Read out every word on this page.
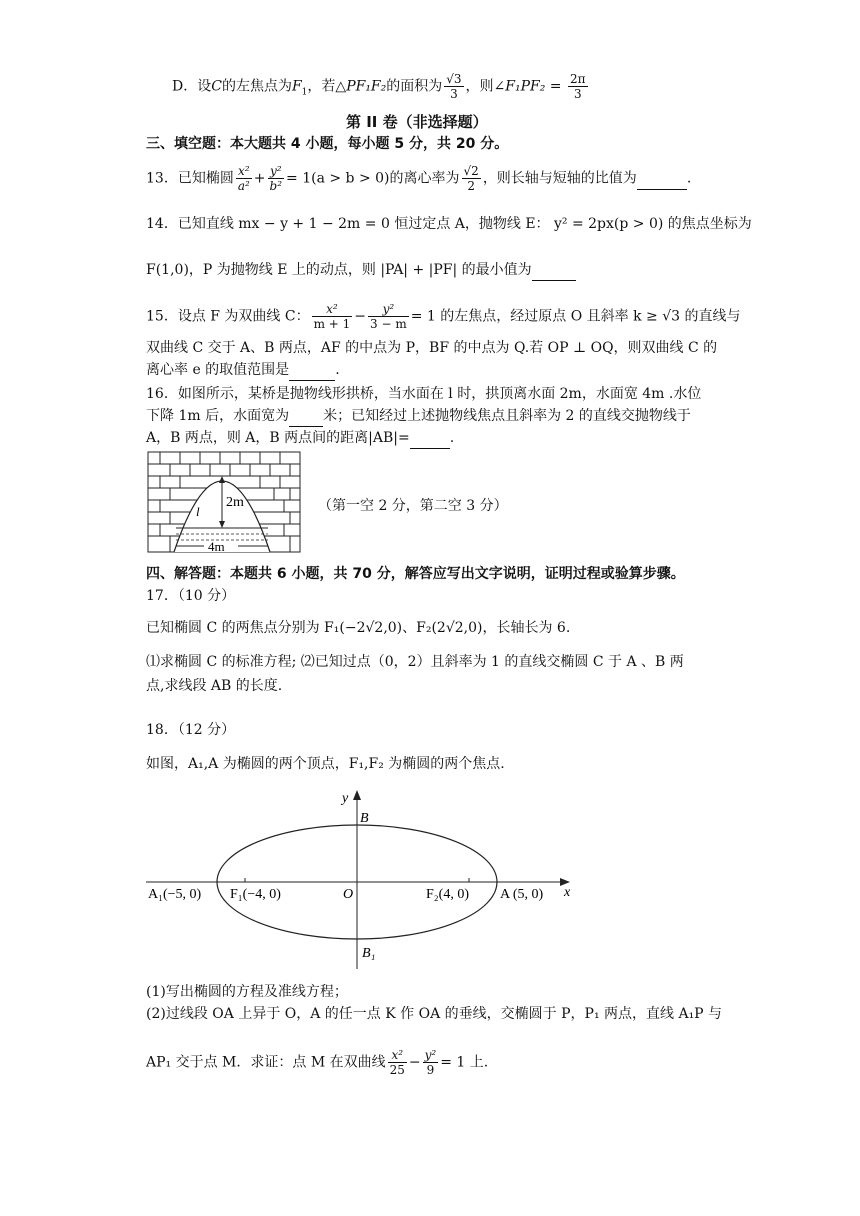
D．设C的左焦点为$F_1$，若△PF₁F₂的面积为 $\frac{√3}{3}$ ，则∠F₁PF₂ = $\frac{2\pi}{3}$
第 II 卷（非选择题）
三、填空题：本大题共 4 小题，每小题 5 分，共 20 分。
13．已知椭圆 $\frac{\text{x²}}{\text{a²}} + \frac{\text{y²}}{\text{b²}} = 1(a > b > 0)$的离心率为 $\frac{√2}{2}$ ，则长轴与短轴的比值为	.
14．已知直线 mx − y + 1 − 2m = 0 恒过定点 A，抛物线 E： y² = 2px(p > 0) 的焦点坐标为
F(1,0)，P 为抛物线 E 上的动点，则 |PA| + |PF| 的最小值为
15．设点 F 为双曲线 C： $\frac{\text{x²}}{m + 1} - \frac{\text{y²}}{3 - m} = 1$ 的左焦点，经过原点 O 且斜率 k ≥ √3 的直线与
双曲线 C 交于 A、B 两点，AF 的中点为 P，BF 的中点为 Q.若 OP ⊥ OQ，则双曲线 C 的
离心率 e 的取值范围是	.
16．如图所示，某桥是抛物线形拱桥，当水面在 l 时，拱顶离水面 2m，水面宽 4m .水位
下降 1m 后，水面宽为 米；已知经过上述抛物线焦点且斜率为 2 的直线交抛物线于
A，B 两点，则 A，B 两点间的距离|AB|=	.
2m
l
4m
（第一空 2 分，第二空 3 分）
四、解答题：本题共 6 小题，共 70 分，解答应写出文字说明，证明过程或验算步骤。
17．（10 分）
已知椭圆 C 的两焦点分别为 F₁(−2√2,0)、F₂(2√2,0)，长轴长为 6.
⑴求椭圆 C 的标准方程; ⑵已知过点（0，2）且斜率为 1 的直线交椭圆 C 于 A 、B 两
点,求线段 AB 的长度.
18．（12 分）
如图，A₁,A 为椭圆的两个顶点，F₁,F₂ 为椭圆的两个焦点.
y
x
B
B₁
O
A₁(−5, 0) F₁(−4, 0)	F₂(4, 0) A (5, 0)
(1)写出椭圆的方程及准线方程；
(2)过线段 OA 上异于 O，A 的任一点 K 作 OA 的垂线，交椭圆于 P，P₁ 两点，直线 A₁P 与
AP₁ 交于点 M．求证：点 M 在双曲线 $\frac{\text{x²}}{25} - \frac{\text{y²}}{9} = 1$ 上.
